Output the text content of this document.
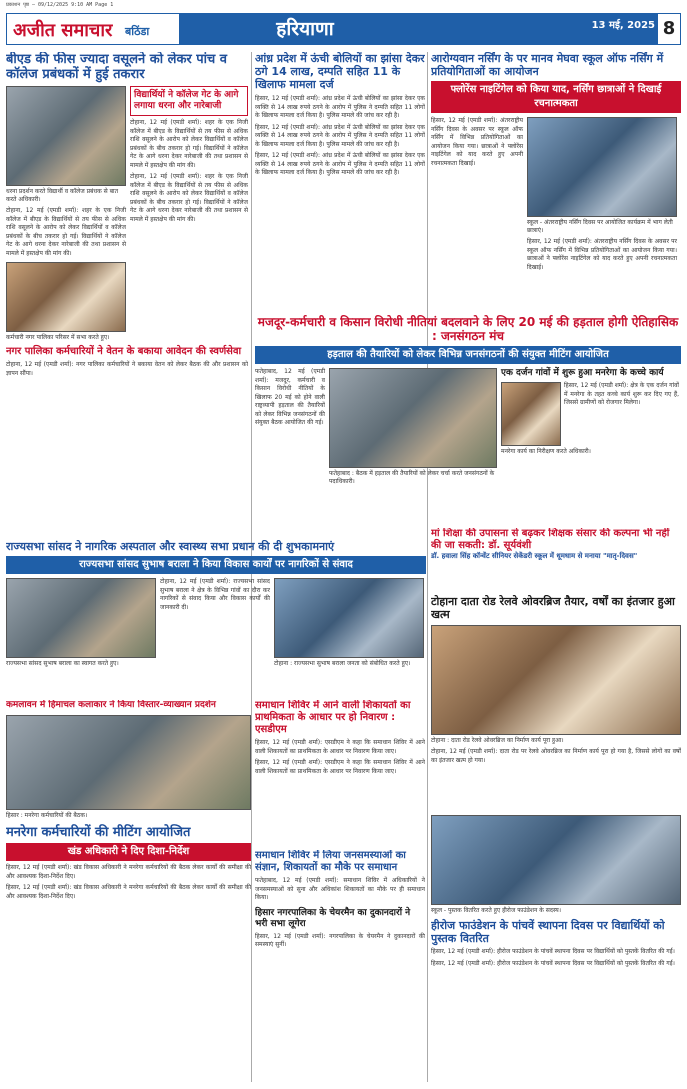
प्रकाशन पृष्ठ — 09/12/2025 9:10 AM Page 1
अजीत समाचार बठिंडा	हरियाणा	13 मई, 2025 8
बीएड की फीस ज्यादा वसूलने को लेकर पांच व कॉलेज प्रबंधकों में हुई तकरार
धरना प्रदर्शन करते विद्यार्थी व कॉलेज प्रबंधक से बात करते अधिकारी।
टोहाना, 12 मई (एमडी शर्मा): शहर के एक निजी कॉलेज में बीएड के विद्यार्थियों से तय फीस से अधिक राशि वसूलने के आरोप को लेकर विद्यार्थियों व कॉलेज प्रबंधकों के बीच तकरार हो गई। विद्यार्थियों ने कॉलेज गेट के आगे धरना देकर नारेबाजी की तथा प्रशासन से मामले में हस्तक्षेप की मांग की।
विद्यार्थियों ने कॉलेज गेट के आगे लगाया धरना और नारेबाजी
टोहाना, 12 मई (एमडी शर्मा): शहर के एक निजी कॉलेज में बीएड के विद्यार्थियों से तय फीस से अधिक राशि वसूलने के आरोप को लेकर विद्यार्थियों व कॉलेज प्रबंधकों के बीच तकरार हो गई। विद्यार्थियों ने कॉलेज गेट के आगे धरना देकर नारेबाजी की तथा प्रशासन से मामले में हस्तक्षेप की मांग की।
टोहाना, 12 मई (एमडी शर्मा): शहर के एक निजी कॉलेज में बीएड के विद्यार्थियों से तय फीस से अधिक राशि वसूलने के आरोप को लेकर विद्यार्थियों व कॉलेज प्रबंधकों के बीच तकरार हो गई। विद्यार्थियों ने कॉलेज गेट के आगे धरना देकर नारेबाजी की तथा प्रशासन से मामले में हस्तक्षेप की मांग की।
कर्मचारी नगर पालिका परिसर में सभा करते हुए।
नगर पालिका कर्मचारियों ने वेतन के बकाया आवेदन की स्वर्णसेवा
टोहाना, 12 मई (एमडी शर्मा): नगर पालिका कर्मचारियों ने बकाया वेतन को लेकर बैठक की और प्रशासन को ज्ञापन सौंपा।
आंध्र प्रदेश में ऊंची बोलियों का झांसा देकर ठगे 14 लाख, दम्पति सहित 11 के खिलाफ मामला दर्ज
हिसार, 12 मई (एमडी शर्मा): आंध्र प्रदेश में ऊंची बोलियों का झांसा देकर एक व्यक्ति से 14 लाख रुपये ठगने के आरोप में पुलिस ने दम्पति सहित 11 लोगों के खिलाफ मामला दर्ज किया है। पुलिस मामले की जांच कर रही है।
हिसार, 12 मई (एमडी शर्मा): आंध्र प्रदेश में ऊंची बोलियों का झांसा देकर एक व्यक्ति से 14 लाख रुपये ठगने के आरोप में पुलिस ने दम्पति सहित 11 लोगों के खिलाफ मामला दर्ज किया है। पुलिस मामले की जांच कर रही है।
हिसार, 12 मई (एमडी शर्मा): आंध्र प्रदेश में ऊंची बोलियों का झांसा देकर एक व्यक्ति से 14 लाख रुपये ठगने के आरोप में पुलिस ने दम्पति सहित 11 लोगों के खिलाफ मामला दर्ज किया है। पुलिस मामले की जांच कर रही है।
आरोग्यवान नर्सिंग के पर मानव मेघवा स्कूल ऑफ नर्सिंग में प्रतियोगिताओं का आयोजन
फ्लोरेंस नाइटिंगेल को किया याद, नर्सिंग छात्राओं ने दिखाई रचनात्मकता
हिसार, 12 मई (एमडी शर्मा): अंतरराष्ट्रीय नर्सिंग दिवस के अवसर पर स्कूल ऑफ नर्सिंग में विभिन्न प्रतियोगिताओं का आयोजन किया गया। छात्राओं ने फ्लोरेंस नाइटिंगेल को याद करते हुए अपनी रचनात्मकता दिखाई।
स्कूल - अंतरराष्ट्रीय नर्सिंग दिवस पर आयोजित कार्यक्रम में भाग लेती छात्राएं।
हिसार, 12 मई (एमडी शर्मा): अंतरराष्ट्रीय नर्सिंग दिवस के अवसर पर स्कूल ऑफ नर्सिंग में विभिन्न प्रतियोगिताओं का आयोजन किया गया। छात्राओं ने फ्लोरेंस नाइटिंगेल को याद करते हुए अपनी रचनात्मकता दिखाई।
मजदूर-कर्मचारी व किसान विरोधी नीतियां बदलवाने के लिए 20 मई की हड़ताल होगी ऐतिहासिक : जनसंगठन मंच
हड़ताल की तैयारियों को लेकर विभिन्न जनसंगठनों की संयुक्त मीटिंग आयोजित
फतेहाबाद, 12 मई (एमडी शर्मा): मजदूर, कर्मचारी व किसान विरोधी नीतियों के खिलाफ 20 मई को होने वाली राष्ट्रव्यापी हड़ताल की तैयारियों को लेकर विभिन्न जनसंगठनों की संयुक्त बैठक आयोजित की गई।
फतेहाबाद : बैठक में हड़ताल की तैयारियों को लेकर चर्चा करते जनसंगठनों के पदाधिकारी।
एक दर्जन गांवों में शुरू हुआ मनरेगा के कच्चे कार्य
हिसार, 12 मई (एमडी शर्मा): क्षेत्र के एक दर्जन गांवों में मनरेगा के तहत कच्चे कार्य शुरू कर दिए गए हैं, जिससे ग्रामीणों को रोजगार मिलेगा।
मनरेगा कार्य का निरीक्षण करते अधिकारी।
मां शिक्षा की उपासना से बढ़कर शिक्षक संसार की कल्पना भी नहीं की जा सकती: डॉ. सूर्यवंशी
डॉ. हवाला सिंह कॉन्वेंट सीनियर सेकेंडरी स्कूल में धूमधाम से मनाया "मातृ-दिवस"
राज्यसभा सांसद ने नागरिक अस्पताल और स्वास्थ्य सभा प्रधान की दी शुभकामनाएं
राज्यसभा सांसद सुभाष बराला ने किया विकास कार्यों पर नागरिकों से संवाद
राज्यसभा सांसद सुभाष बराला का स्वागत करते हुए।
टोहाना, 12 मई (एमडी शर्मा): राज्यसभा सांसद सुभाष बराला ने क्षेत्र के विभिन्न गांवों का दौरा कर नागरिकों से संवाद किया और विकास कार्यों की जानकारी दी।
टोहाना : राज्यसभा सुभाष बराला जनता को संबोधित करते हुए।
टोहाना दाता रोड रेलवे ओवरब्रिज तैयार, वर्षों का इंतजार हुआ खत्म
टोहाना : दाता रोड रेलवे ओवरब्रिज का निर्माण कार्य पूरा हुआ।
टोहाना, 12 मई (एमडी शर्मा): दाता रोड पर रेलवे ओवरब्रिज का निर्माण कार्य पूरा हो गया है, जिससे लोगों का वर्षों का इंतजार खत्म हो गया।
समाधान शिविर में आने वाली शिकायतों का प्राथमिकता के आधार पर हो निवारण : एसडीएम
हिसार, 12 मई (एमडी शर्मा): एसडीएम ने कहा कि समाधान शिविर में आने वाली शिकायतों का प्राथमिकता के आधार पर निवारण किया जाए।
हिसार, 12 मई (एमडी शर्मा): एसडीएम ने कहा कि समाधान शिविर में आने वाली शिकायतों का प्राथमिकता के आधार पर निवारण किया जाए।
कमलावन में हिमाचल कलाकार ने किया विस्तार-व्याख्यान प्रदर्शन
हिसार : मनरेगा कर्मचारियों की बैठक।
मनरेगा कर्मचारियों की मीटिंग आयोजित
खंड अधिकारी ने दिए दिशा-निर्देश
हिसार, 12 मई (एमडी शर्मा): खंड विकास अधिकारी ने मनरेगा कर्मचारियों की बैठक लेकर कार्यों की समीक्षा की और आवश्यक दिशा-निर्देश दिए।
हिसार, 12 मई (एमडी शर्मा): खंड विकास अधिकारी ने मनरेगा कर्मचारियों की बैठक लेकर कार्यों की समीक्षा की और आवश्यक दिशा-निर्देश दिए।
समाधान शिविर में लिया जनसमस्याओं का संज्ञान, शिकायतों का मौके पर समाधान
फतेहाबाद, 12 मई (एमडी शर्मा): समाधान शिविर में अधिकारियों ने जनसमस्याओं को सुना और अधिकांश शिकायतों का मौके पर ही समाधान किया।
हिसार नगरपालिका के चेयरमैन का दुकानदारों ने भरी सभा लूगेरा
हिसार, 12 मई (एमडी शर्मा): नगरपालिका के चेयरमैन ने दुकानदारों की समस्याएं सुनीं।
स्कूल - पुस्तक वितरित करते हुए हीरोज फाउंडेशन के सदस्य।
हीरोज फाउंडेशन के पांचवें स्थापना दिवस पर विद्यार्थियों को पुस्तक वितरित
हिसार, 12 मई (एमडी शर्मा): हीरोज फाउंडेशन के पांचवें स्थापना दिवस पर विद्यार्थियों को पुस्तकें वितरित की गईं।
हिसार, 12 मई (एमडी शर्मा): हीरोज फाउंडेशन के पांचवें स्थापना दिवस पर विद्यार्थियों को पुस्तकें वितरित की गईं।
